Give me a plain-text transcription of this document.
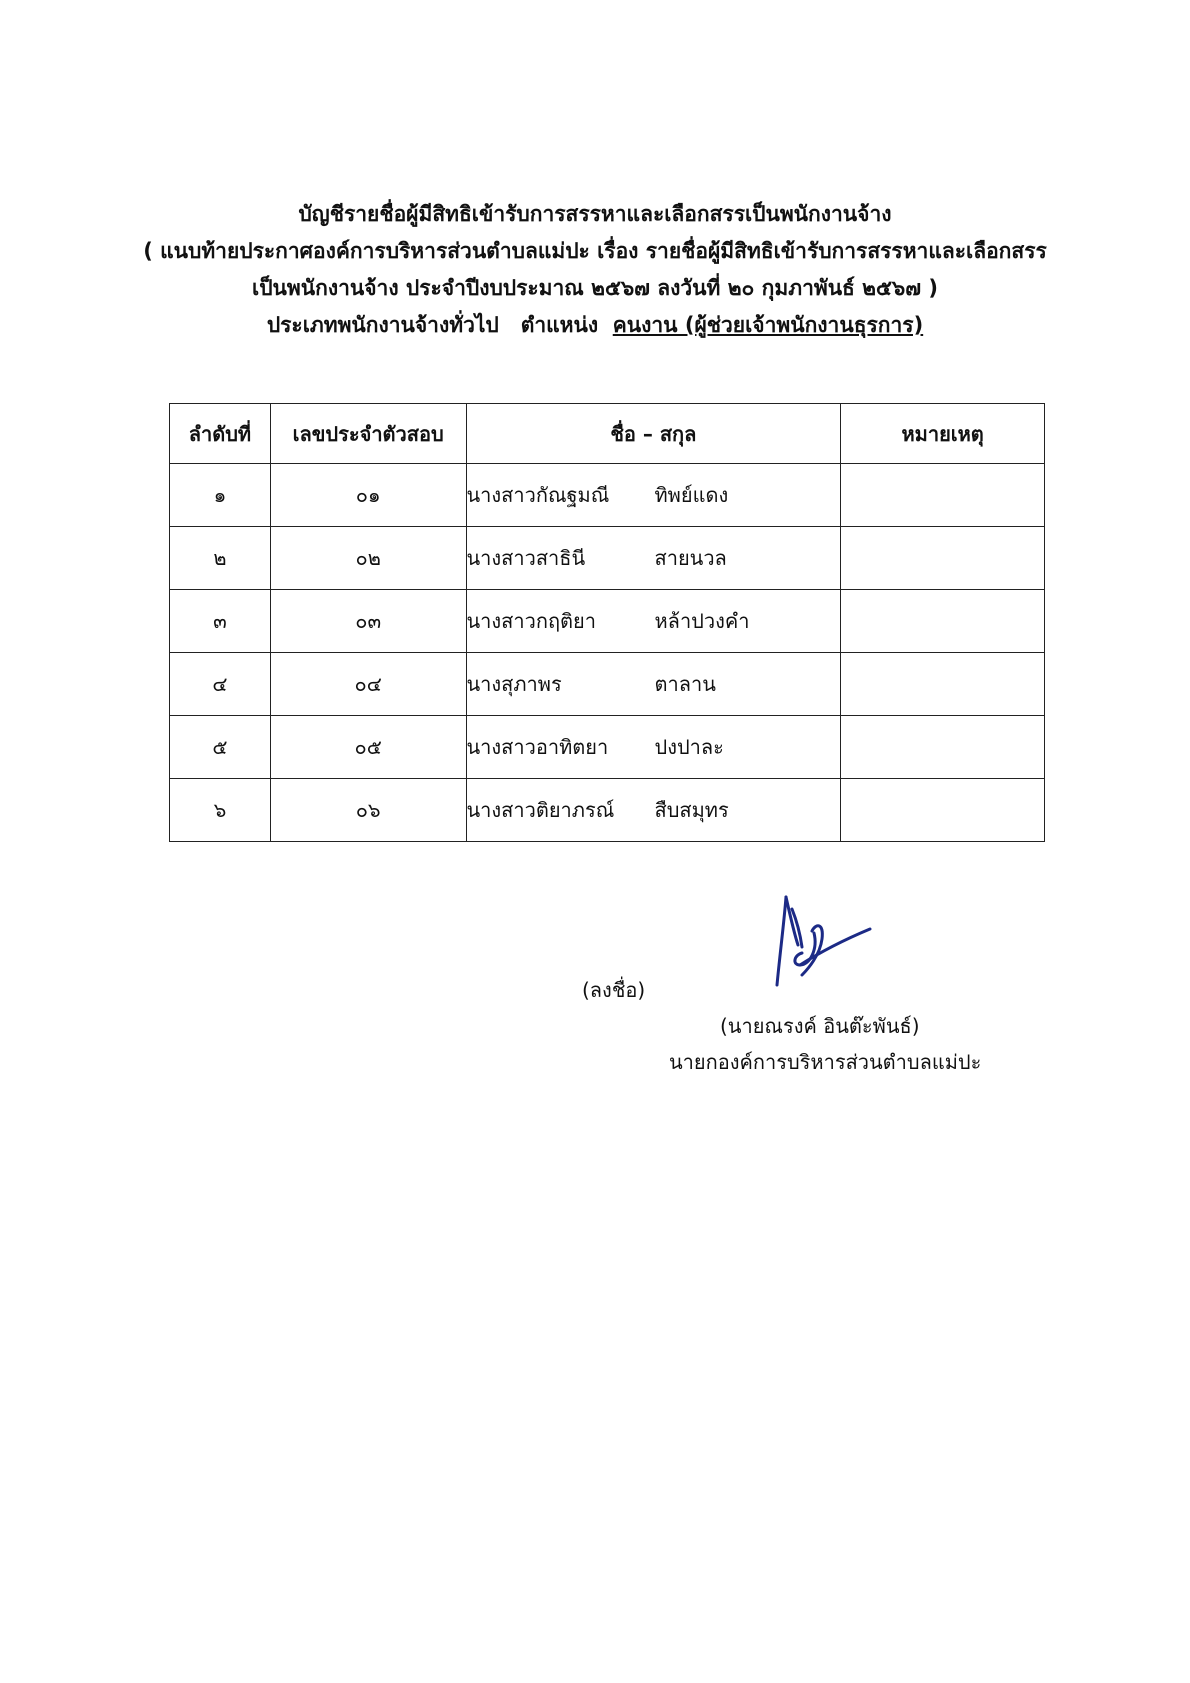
บัญชีรายชื่อผู้มีสิทธิเข้ารับการสรรหาและเลือกสรรเป็นพนักงานจ้าง
( แนบท้ายประกาศองค์การบริหารส่วนตำบลแม่ปะ เรื่อง รายชื่อผู้มีสิทธิเข้ารับการสรรหาและเลือกสรร
เป็นพนักงานจ้าง ประจำปีงบประมาณ ๒๕๖๗ ลงวันที่ ๒๐ กุมภาพันธ์ ๒๕๖๗ )
ประเภทพนักงานจ้างทั่วไป   ตำแหน่ง  คนงาน (ผู้ช่วยเจ้าพนักงานธุรการ)
ลำดับที่	เลขประจำตัวสอบ	ชื่อ – สกุล	หมายเหตุ
๑	๐๑	นางสาวกัณฐมณี ทิพย์แดง	
๒	๐๒	นางสาวสาธินี สายนวล	
๓	๐๓	นางสาวกฤติยา หล้าปวงคำ	
๔	๐๔	นางสุภาพร ตาลาน	
๕	๐๕	นางสาวอาทิตยา ปงปาละ	
๖	๐๖	นางสาวติยาภรณ์ สืบสมุทร	
(ลงชื่อ)
(นายณรงค์ อินต๊ะพันธ์)
นายกองค์การบริหารส่วนตำบลแม่ปะ
